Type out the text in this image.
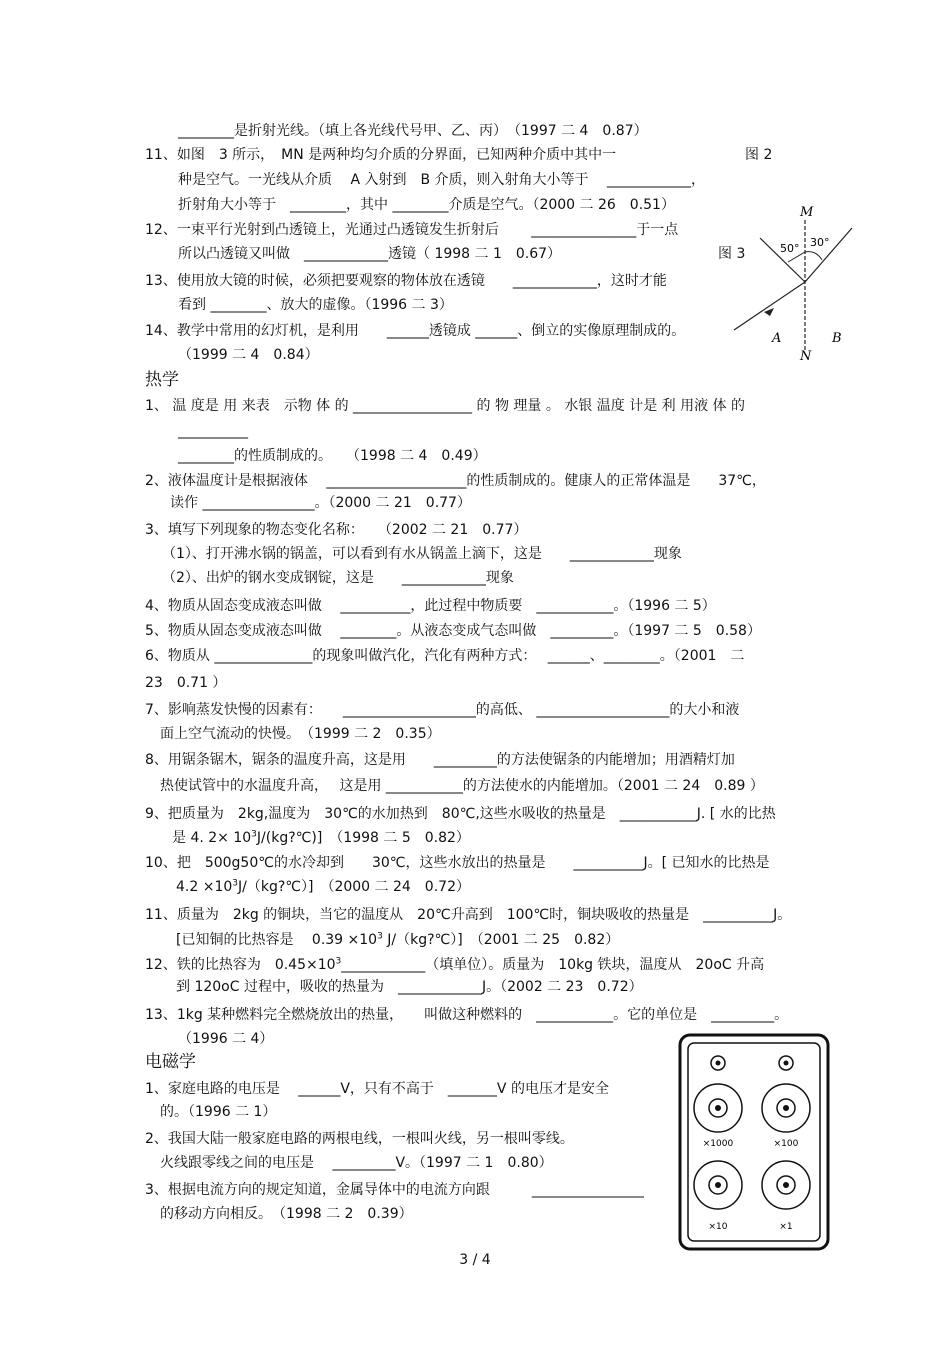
________是折射光线。（填上各光线代号甲、乙、丙）　（1997 二 4　0.87）
图 2
11、如图　3 所示，　MN 是两种均匀介质的分界面，已知两种介质中其中一
种是空气。一光线从介质　 A 入射到　B 介质，则入射角大小等于　 ____________，
折射角大小等于　________，其中 ________介质是空气。（2000 二 26　0.51）
12、一束平行光射到凸透镜上，光通过凸透镜发生折射后　　 _______________于一点
所以凸透镜又叫做　____________透镜（ 1998 二 1　0.67）	图 3
13、使用放大镜的时候，必须把要观察的物体放在透镜　　____________，这时才能
看到 ________、放大的虚像。（1996 二 3）
14、教学中常用的幻灯机，是利用　　______透镜成 ______、倒立的实像原理制成的。
（1999 二 4　0.84）
M
N
A	B
50° 30°
热学
1、 温 度是 用 来表　示物 体 的 _________________ 的 物 理量 。 水银 温度 计是 利 用液 体 的
__________
________的性质制成的。　　（1998 二 4　0.49）
2、液体温度计是根据液体　 ____________________的性质制成的。健康人的正常体温是　　37℃，
读作 ________________。（2000 二 21　0.77）
3、填写下列现象的物态变化名称：　　（2002 二 21　0.77）
（1）、打开沸水锅的锅盖，可以看到有水从锅盖上滴下，这是　　____________现象
（2）、出炉的钢水变成钢锭，这是　　____________现象
4、物质从固态变成液态叫做　 __________，此过程中物质要　___________。（1996 二 5）
5、物质从固态变成液态叫做　 ________。从液态变成气态叫做　_________。（1997 二 5　0.58）
6、物质从 ______________的现象叫做汽化，汽化有两种方式：　 ______、________。（2001　二
23　0.71 ）
7、影响蒸发快慢的因素有：　　___________________的高低、 ___________________的大小和液
面上空气流动的快慢。　（1999 二 2　0.35）
8、用锯条锯木，锯条的温度升高，这是用　　_________的方法使锯条的内能增加；用酒精灯加
热使试管中的水温度升高，　 这是用 ___________的方法使水的内能增加。（2001 二 24　0.89 ）
9、把质量为　2kg,温度为　30℃的水加热到　80℃,这些水吸收的热量是　___________J. [ 水的比热
是 4. $2\times 10^3J/(kg?℃)$]　（1998 二 5　0.82）
10、把　500g50℃的水冷却到　　30℃，这些水放出的热量是　　__________J。[ 已知水的比热是
$4.2 \times 10^3J/(kg?℃)$]　（2000 二 24　0.72）
11、质量为　2kg 的铜块，当它的温度从　20℃升高到　100℃时，铜块吸收的热量是　__________J。
[已知铜的比热容是　 $0.39 \times 10^3$ J/（kg?℃）]　（2001 二 25　0.82）
12、铁的比热容为　$0.45\times 10^3\_\_\_\_\_\_\_\_\_\_\_\_$（填单位）。质量为　10kg 铁块，温度从　20oC 升高
到 120oC 过程中，吸收的热量为　____________J。（2002 二 23　0.72）
13、1kg 某种燃料完全燃烧放出的热量，　　叫做这种燃料的　___________。它的单位是　_________。
（1996 二 4）
电磁学
1、家庭电路的电压是　 ______V，只有不高于　_______V 的电压才是安全
的。（1996 二 1）
2、我国大陆一般家庭电路的两根电线，一根叫火线，另一根叫零线。
火线跟零线之间的电压是　 _________V。（1997 二 1　0.80）
3、根据电流方向的规定知道，金属导体中的电流方向跟　　　________________
的移动方向相反。　（1998 二 2　0.39）
×1000	×100
×10	×1
3 / 4
